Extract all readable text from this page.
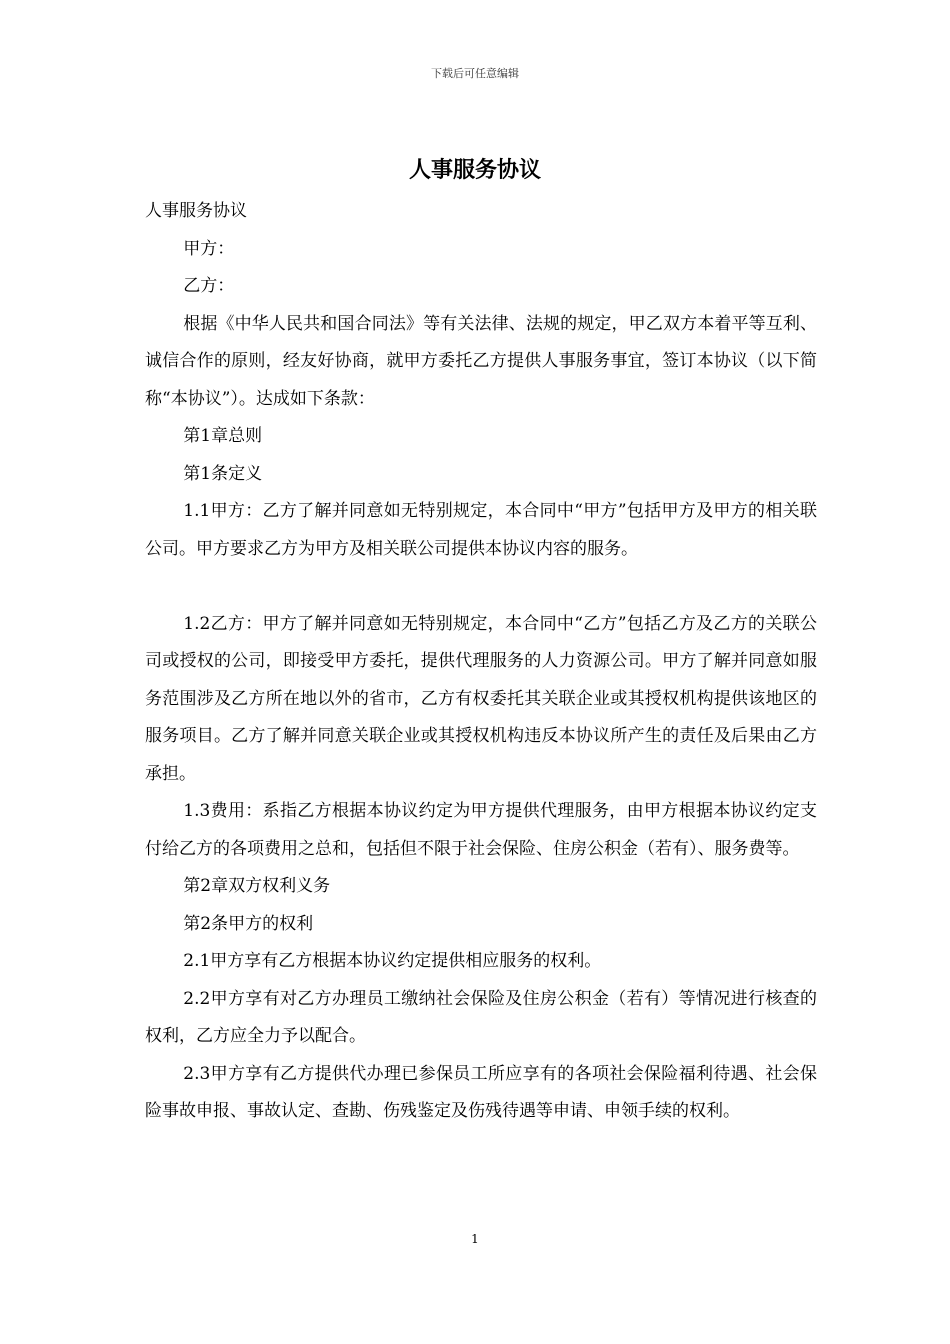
下载后可任意编辑
人事服务协议

人事服务协议

甲方：

乙方：

根据《中华人民共和国合同法》等有关法律、法规的规定，甲乙双方本着平等互利、诚信合作的原则，经友好协商，就甲方委托乙方提供人事服务事宜，签订本协议（以下简称“本协议”）。达成如下条款：

第1章总则

第1条定义

1.1甲方：乙方了解并同意如无特别规定，本合同中“甲方”包括甲方及甲方的相关联公司。甲方要求乙方为甲方及相关联公司提供本协议内容的服务。

1.2乙方：甲方了解并同意如无特别规定，本合同中“乙方”包括乙方及乙方的关联公司或授权的公司，即接受甲方委托，提供代理服务的人力资源公司。甲方了解并同意如服务范围涉及乙方所在地以外的省市，乙方有权委托其关联企业或其授权机构提供该地区的服务项目。乙方了解并同意关联企业或其授权机构违反本协议所产生的责任及后果由乙方承担。

1.3费用：系指乙方根据本协议约定为甲方提供代理服务，由甲方根据本协议约定支付给乙方的各项费用之总和，包括但不限于社会保险、住房公积金（若有）、服务费等。

第2章双方权利义务

第2条甲方的权利

2.1甲方享有乙方根据本协议约定提供相应服务的权利。

2.2甲方享有对乙方办理员工缴纳社会保险及住房公积金（若有）等情况进行核查的权利，乙方应全力予以配合。

2.3甲方享有乙方提供代办理已参保员工所应享有的各项社会保险福利待遇、社会保险事故申报、事故认定、查勘、伤残鉴定及伤残待遇等申请、申领手续的权利。

1
